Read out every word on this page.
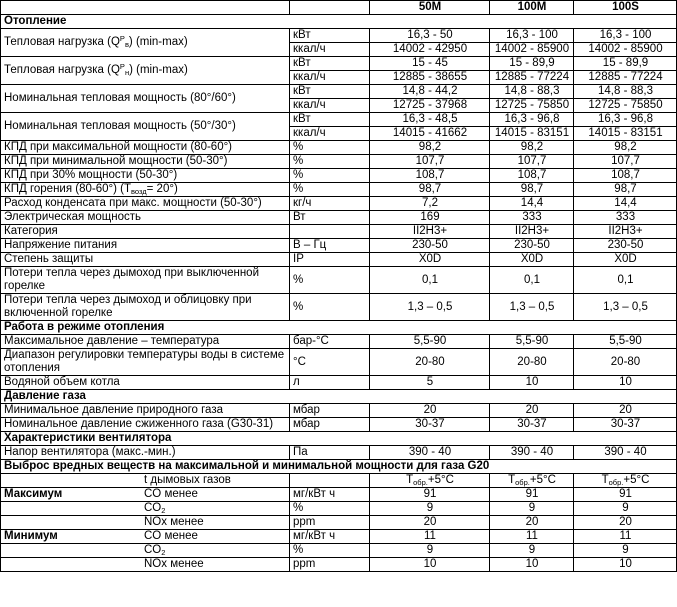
		50M	100M	100S
Отопление				
Тепловая нагрузка $(Q^P_в)$ (min-max)	кВт	16,3 - 50	16,3 - 100	16,3 - 100
	ккал/ч	14002 - 42950	14002 - 85900	14002 - 85900
Тепловая нагрузка $(Q^P_н)$ (min-max)	кВт	15 - 45	15 - 89,9	15 - 89,9
	ккал/ч	12885 - 38655	12885 - 77224	12885 - 77224
Номинальная тепловая мощность (80°/60°)	кВт	14,8 - 44,2	14,8 - 88,3	14,8 - 88,3
	ккал/ч	12725 - 37968	12725 - 75850	12725 - 75850
Номинальная тепловая мощность (50°/30°)	кВт	16,3 - 48,5	16,3 - 96,8	16,3 - 96,8
	ккал/ч	14015 - 41662	14015 - 83151	14015 - 83151
КПД при максимальной мощности (80-60°)	%	98,2	98,2	98,2
КПД при минимальной мощности (50-30°)	%	107,7	107,7	107,7
КПД при 30% мощности (50-30°)	%	108,7	108,7	108,7
КПД горения (80-60°) $(T_{возд}= 20^\circ)$	%	98,7	98,7	98,7
Расход конденсата при макс. мощности (50-30°)	кг/ч	7,2	14,4	14,4
Электрическая мощность	Вт	169	333	333
Категория		II2H3+	II2H3+	II2H3+
Напряжение питания	В – Гц	230-50	230-50	230-50
Степень защиты	IP	X0D	X0D	X0D
Потери тепла через дымоход при выключенной горелке	%	0,1	0,1	0,1
Потери тепла через дымоход и облицовку при включенной горелке	%	1,3 – 0,5	1,3 – 0,5	1,3 – 0,5
Работа в режиме отопления				
Максимальное давление – температура	бар-°C	5,5-90	5,5-90	5,5-90
Диапазон регулировки температуры воды в системе отопления	°C	20-80	20-80	20-80
Водяной объем котла	л	5	10	10
Давление газа				
Минимальное давление природного газа	мбар	20	20	20
Номинальное давление сжиженного газа (G30-31)	мбар	30-37	30-37	30-37
Характеристики вентилятора				
Напор вентилятора (макс.-мин.)	Па	390 - 40	390 - 40	390 - 40
Выброс вредных веществ на максимальной и минимальной мощности для газа G20				
t дымовых газов		$T_{обр.}+5^\circ C$	$T_{обр.}+5^\circ C$	$T_{обр.}+5^\circ C$
Максимум CO менее	мг/кВт ч	91	91	91
$CO_2$	%	9	9	9
NOx менее	ppm	20	20	20
Минимум CO менее	мг/кВт ч	11	11	11
$CO_2$	%	9	9	9
NOx менее	ppm	10	10	10
